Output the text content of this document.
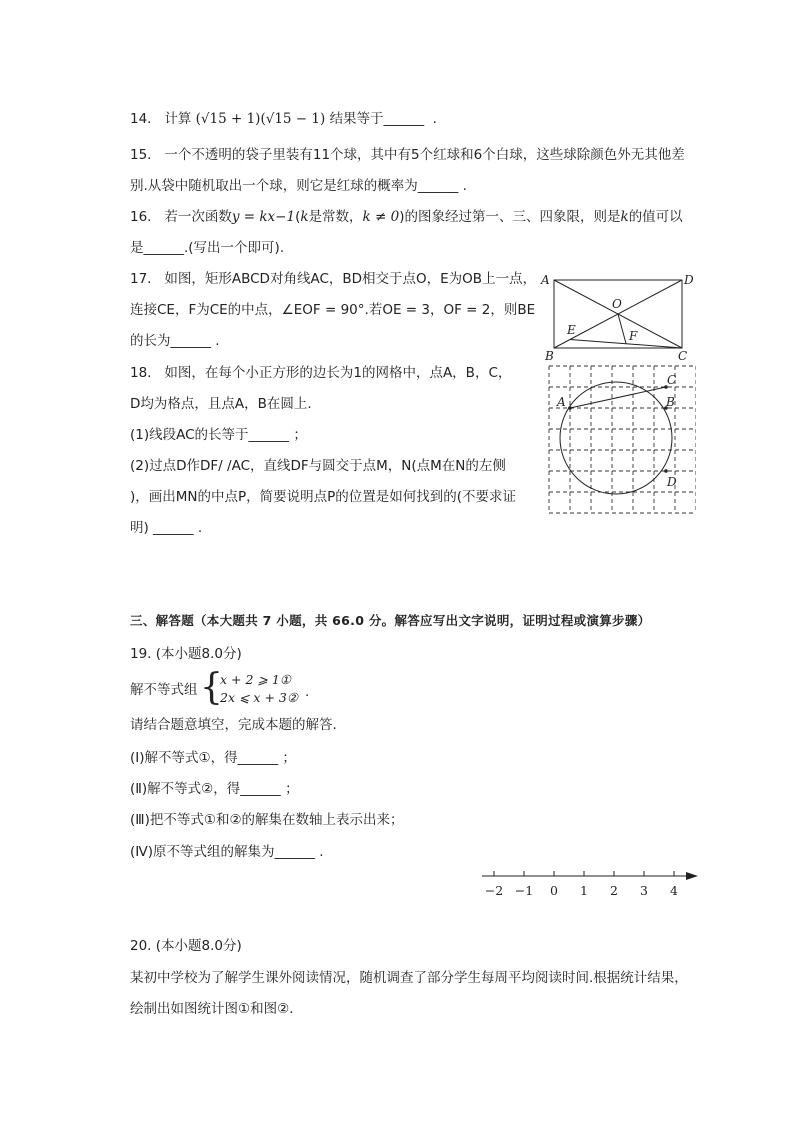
14. 计算 (√15 + 1)(√15 − 1) 结果等于______ .
15. 一个不透明的袋子里装有11个球，其中有5个红球和6个白球，这些球除颜色外无其他差
别.从袋中随机取出一个球，则它是红球的概率为______ .
16. 若一次函数y = kx−1(k是常数，k ≠ 0)的图象经过第一、三、四象限，则是k的值可以
是______.(写出一个即可).
17. 如图，矩形ABCD对角线AC，BD相交于点O，E为OB上一点，
连接CE，F为CE的中点，∠EOF = 90°.若OE = 3，OF = 2，则BE
的长为______ .
A	D
B	C
O
E	F
18. 如图，在每个小正方形的边长为1的网格中，点A，B，C，
D均为格点，且点A，B在圆上.
(1)线段AC的长等于______ ；
(2)过点D作DF/ /AC，直线DF与圆交于点M，N(点M在N的左侧
)，画出MN的中点P，简要说明点P的位置是如何找到的(不要求证
明) ______ .
A	B
C
D
三、解答题（本大题共 7 小题，共 66.0 分。解答应写出文字说明，证明过程或演算步骤）
19. (本小题8.0分)
解不等式组 {
x + 2 ⩾ 1①
2x ⩽ x + 3② .
请结合题意填空，完成本题的解答.
(Ⅰ)解不等式①，得______ ；
(Ⅱ)解不等式②，得______ ；
(Ⅲ)把不等式①和②的解集在数轴上表示出来；
(Ⅳ)原不等式组的解集为______ .
−2 −1 0 1 2 3 4
20. (本小题8.0分)
某初中学校为了解学生课外阅读情况，随机调查了部分学生每周平均阅读时间.根据统计结果，
绘制出如图统计图①和图②.
